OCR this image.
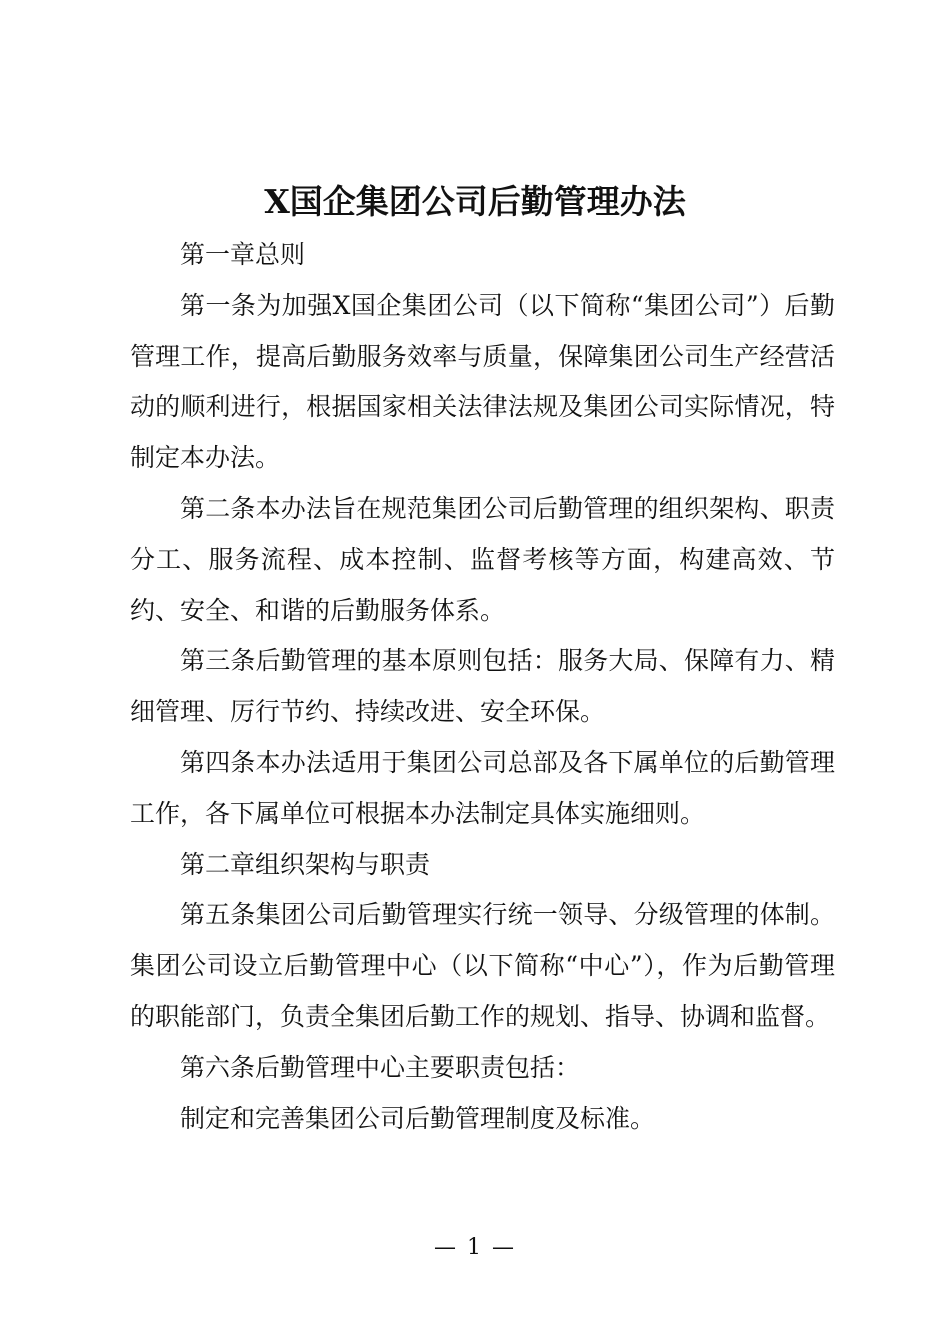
X国企集团公司后勤管理办法

第一章总则

第一条为加强X国企集团公司（以下简称“集团公司”）后勤管理工作，提高后勤服务效率与质量，保障集团公司生产经营活动的顺利进行，根据国家相关法律法规及集团公司实际情况，特制定本办法。

第二条本办法旨在规范集团公司后勤管理的组织架构、职责分工、服务流程、成本控制、监督考核等方面，构建高效、节约、安全、和谐的后勤服务体系。

第三条后勤管理的基本原则包括：服务大局、保障有力、精细管理、厉行节约、持续改进、安全环保。

第四条本办法适用于集团公司总部及各下属单位的后勤管理工作，各下属单位可根据本办法制定具体实施细则。

第二章组织架构与职责

第五条集团公司后勤管理实行统一领导、分级管理的体制。集团公司设立后勤管理中心（以下简称“中心”），作为后勤管理的职能部门，负责全集团后勤工作的规划、指导、协调和监督。

第六条后勤管理中心主要职责包括：

制定和完善集团公司后勤管理制度及标准。

— 1 —
